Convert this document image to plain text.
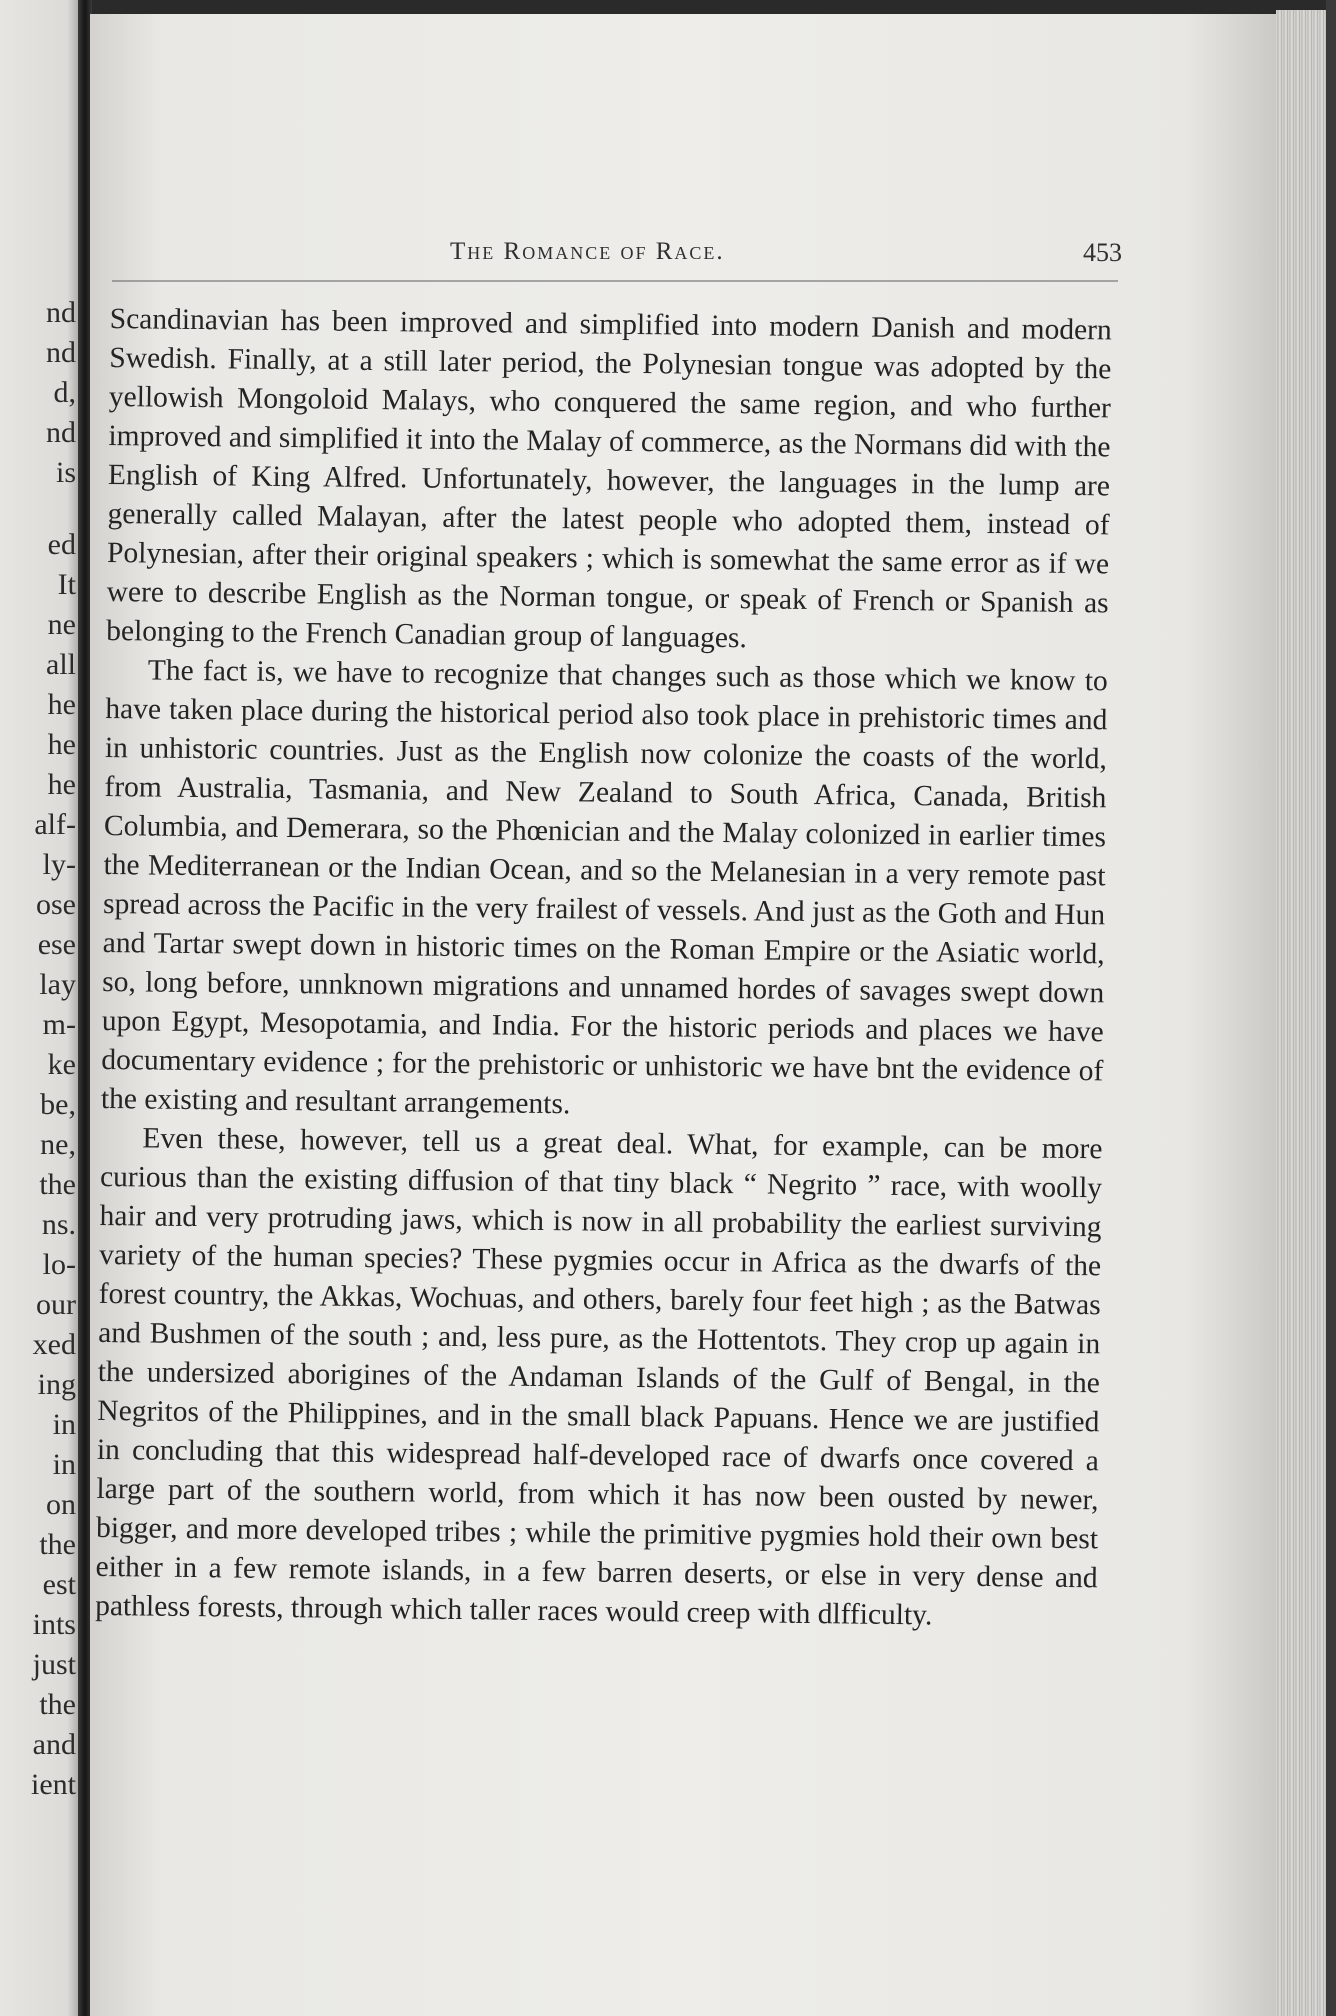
nd
nd
d,
nd
is
ed
It
ne
all
he
he
he
alf-
ly-
ose
ese
lay
m-
ke
be,
ne,
the
ns.
lo-
our
xed
ing
in
in
on
the
est
ints
just
the
and
ient
The Romance of Race.	453

Scandinavian has been improved and simplified into modern Danish and modern Swedish. Finally, at a still later period, the Polynesian tongue was adopted by the yellowish Mongoloid Malays, who conquered the same region, and who further improved and simplified it into the Malay of commerce, as the Normans did with the English of King Alfred. Unfortunately, however, the languages in the lump are generally called Malayan, after the latest people who adopted them, instead of Polynesian, after their original speakers ; which is somewhat the same error as if we were to describe English as the Norman tongue, or speak of French or Spanish as belonging to the French Canadian group of languages.

The fact is, we have to recognize that changes such as those which we know to have taken place during the historical period also took place in prehistoric times and in unhistoric countries. Just as the English now colonize the coasts of the world, from Australia, Tasmania, and New Zealand to South Africa, Canada, British Columbia, and Demerara, so the Phœnician and the Malay colonized in earlier times the Mediterranean or the Indian Ocean, and so the Melanesian in a very remote past spread across the Pacific in the very frailest of vessels. And just as the Goth and Hun and Tartar swept down in historic times on the Roman Empire or the Asiatic world, so, long before, unnknown migrations and unnamed hordes of savages swept down upon Egypt, Mesopotamia, and India. For the historic periods and places we have documentary evidence ; for the prehistoric or unhistoric we have bnt the evidence of the existing and resultant arrangements.

Even these, however, tell us a great deal. What, for example, can be more curious than the existing diffusion of that tiny black “ Negrito ” race, with woolly hair and very protruding jaws, which is now in all probability the earliest surviving variety of the human species? These pygmies occur in Africa as the dwarfs of the forest country, the Akkas, Wochuas, and others, barely four feet high ; as the Batwas and Bushmen of the south ; and, less pure, as the Hottentots. They crop up again in the undersized aborigines of the Andaman Islands of the Gulf of Bengal, in the Negritos of the Philippines, and in the small black Papuans. Hence we are justified in concluding that this widespread half-developed race of dwarfs once covered a large part of the southern world, from which it has now been ousted by newer, bigger, and more developed tribes ; while the primitive pygmies hold their own best either in a few remote islands, in a few barren deserts, or else in very dense and pathless forests, through which taller races would creep with dlfficulty.
